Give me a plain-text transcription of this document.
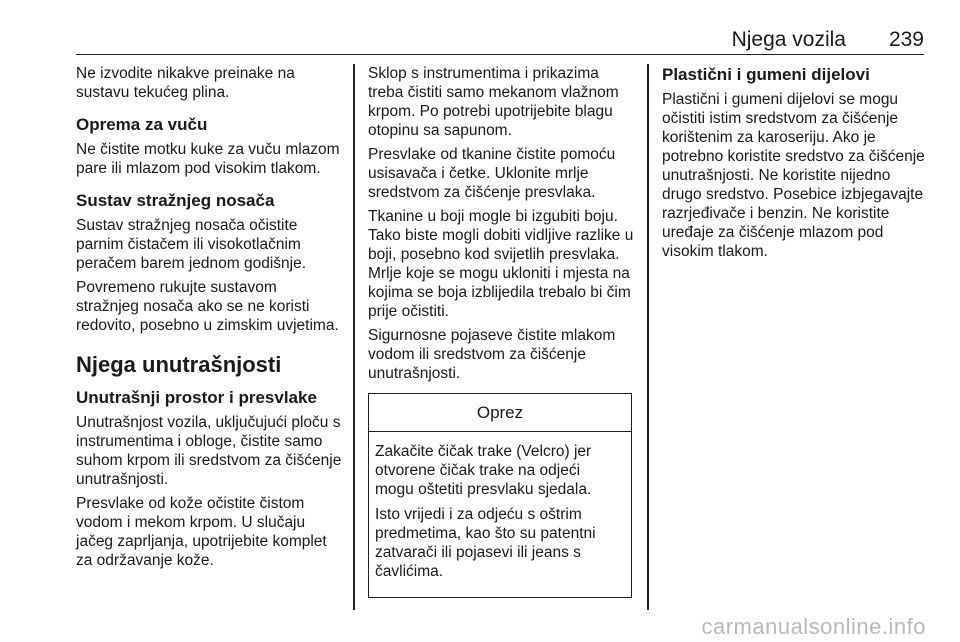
Njega vozila 239

Ne izvodite nikakve preinake na sustavu tekućeg plina.

Oprema za vuču

Ne čistite motku kuke za vuču mlazom pare ili mlazom pod visokim tlakom.

Sustav stražnjeg nosača

Sustav stražnjeg nosača očistite parnim čistačem ili visokotlačnim peračem barem jednom godišnje.

Povremeno rukujte sustavom stražnjeg nosača ako se ne koristi redovito, posebno u zimskim uvjetima.

Njega unutrašnjosti
Unutrašnji prostor i presvlake

Unutrašnjost vozila, uključujući ploču s instrumentima i obloge, čistite samo suhom krpom ili sredstvom za čišćenje unutrašnjosti.

Presvlake od kože očistite čistom vodom i mekom krpom. U slučaju jačeg zaprljanja, upotrijebite komplet za održavanje kože.

Sklop s instrumentima i prikazima treba čistiti samo mekanom vlažnom krpom. Po potrebi upotrijebite blagu otopinu sa sapunom.

Presvlake od tkanine čistite pomoću usisavača i četke. Uklonite mrlje sredstvom za čišćenje presvlaka.

Tkanine u boji mogle bi izgubiti boju. Tako biste mogli dobiti vidljive razlike u boji, posebno kod svijetlih presvlaka. Mrlje koje se mogu ukloniti i mjesta na kojima se boja izblijedila trebalo bi čim prije očistiti.

Sigurnosne pojaseve čistite mlakom vodom ili sredstvom za čišćenje unutrašnjosti.

Oprez

Zakačite čičak trake (Velcro) jer otvorene čičak trake na odjeći mogu oštetiti presvlaku sjedala.

Isto vrijedi i za odjeću s oštrim predmetima, kao što su patentni zatvarači ili pojasevi ili jeans s čavlićima.

Plastični i gumeni dijelovi

Plastični i gumeni dijelovi se mogu očistiti istim sredstvom za čišćenje korištenim za karoseriju. Ako je potrebno koristite sredstvo za čišćenje unutrašnjosti. Ne koristite nijedno drugo sredstvo. Posebice izbjegavajte razrjeđivače i benzin. Ne koristite uređaje za čišćenje mlazom pod visokim tlakom.

carmanualsonline.info
